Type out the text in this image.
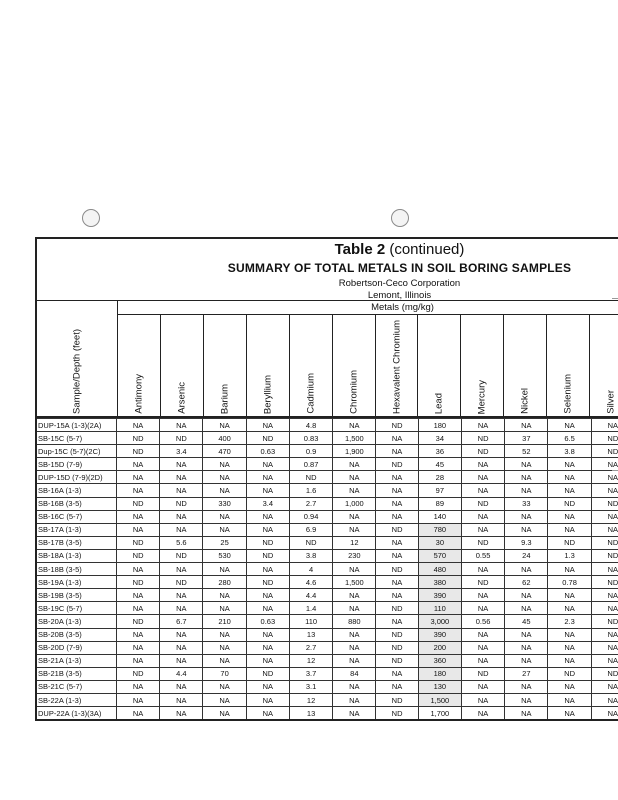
Table 2 (continued)
SUMMARY OF TOTAL METALS IN SOIL BORING SAMPLES
Robertson-Ceco Corporation
Lemont, Illinois
Sample/Depth (feet)
Metals (mg/kg)
Antimony	Arsenic	Barium	Beryllium	Cadmium	Chromium	Hexavalent Chromium	Lead	Mercury	Nickel	Selenium	Silver
DUP-15A (1-3)(2A)	NA	NA	NA	NA	4.8	NA	ND	180	NA	NA	NA	NA
SB-15C (5-7)	ND	ND	400	ND	0.83	1,500	NA	34	ND	37	6.5	ND
Dup-15C (5-7)(2C)	ND	3.4	470	0.63	0.9	1,900	NA	36	ND	52	3.8	ND
SB-15D (7-9)	NA	NA	NA	NA	0.87	NA	ND	45	NA	NA	NA	NA
DUP-15D (7-9)(2D)	NA	NA	NA	NA	ND	NA	NA	28	NA	NA	NA	NA
SB-16A (1-3)	NA	NA	NA	NA	1.6	NA	NA	97	NA	NA	NA	NA
SB-16B (3-5)	ND	ND	330	3.4	2.7	1,000	NA	89	ND	33	ND	ND
SB-16C (5-7)	NA	NA	NA	NA	0.94	NA	NA	140	NA	NA	NA	NA
SB-17A (1-3)	NA	NA	NA	NA	6.9	NA	ND	780	NA	NA	NA	NA
SB-17B (3-5)	ND	5.6	25	ND	ND	12	NA	30	ND	9.3	ND	ND
SB-18A (1-3)	ND	ND	530	ND	3.8	230	NA	570	0.55	24	1.3	ND
SB-18B (3-5)	NA	NA	NA	NA	4	NA	ND	480	NA	NA	NA	NA
SB-19A (1-3)	ND	ND	280	ND	4.6	1,500	NA	380	ND	62	0.78	ND
SB-19B (3-5)	NA	NA	NA	NA	4.4	NA	NA	390	NA	NA	NA	NA
SB-19C (5-7)	NA	NA	NA	NA	1.4	NA	ND	110	NA	NA	NA	NA
SB-20A (1-3)	ND	6.7	210	0.63	110	880	NA	3,000	0.56	45	2.3	ND
SB-20B (3-5)	NA	NA	NA	NA	13	NA	ND	390	NA	NA	NA	NA
SB-20D (7-9)	NA	NA	NA	NA	2.7	NA	ND	200	NA	NA	NA	NA
SB-21A (1-3)	NA	NA	NA	NA	12	NA	ND	360	NA	NA	NA	NA
SB-21B (3-5)	ND	4.4	70	ND	3.7	84	NA	180	ND	27	ND	ND
SB-21C (5-7)	NA	NA	NA	NA	3.1	NA	NA	130	NA	NA	NA	NA
SB-22A (1-3)	NA	NA	NA	NA	12	NA	ND	1,500	NA	NA	NA	NA
DUP-22A (1-3)(3A)	NA	NA	NA	NA	13	NA	ND	1,700	NA	NA	NA	NA
